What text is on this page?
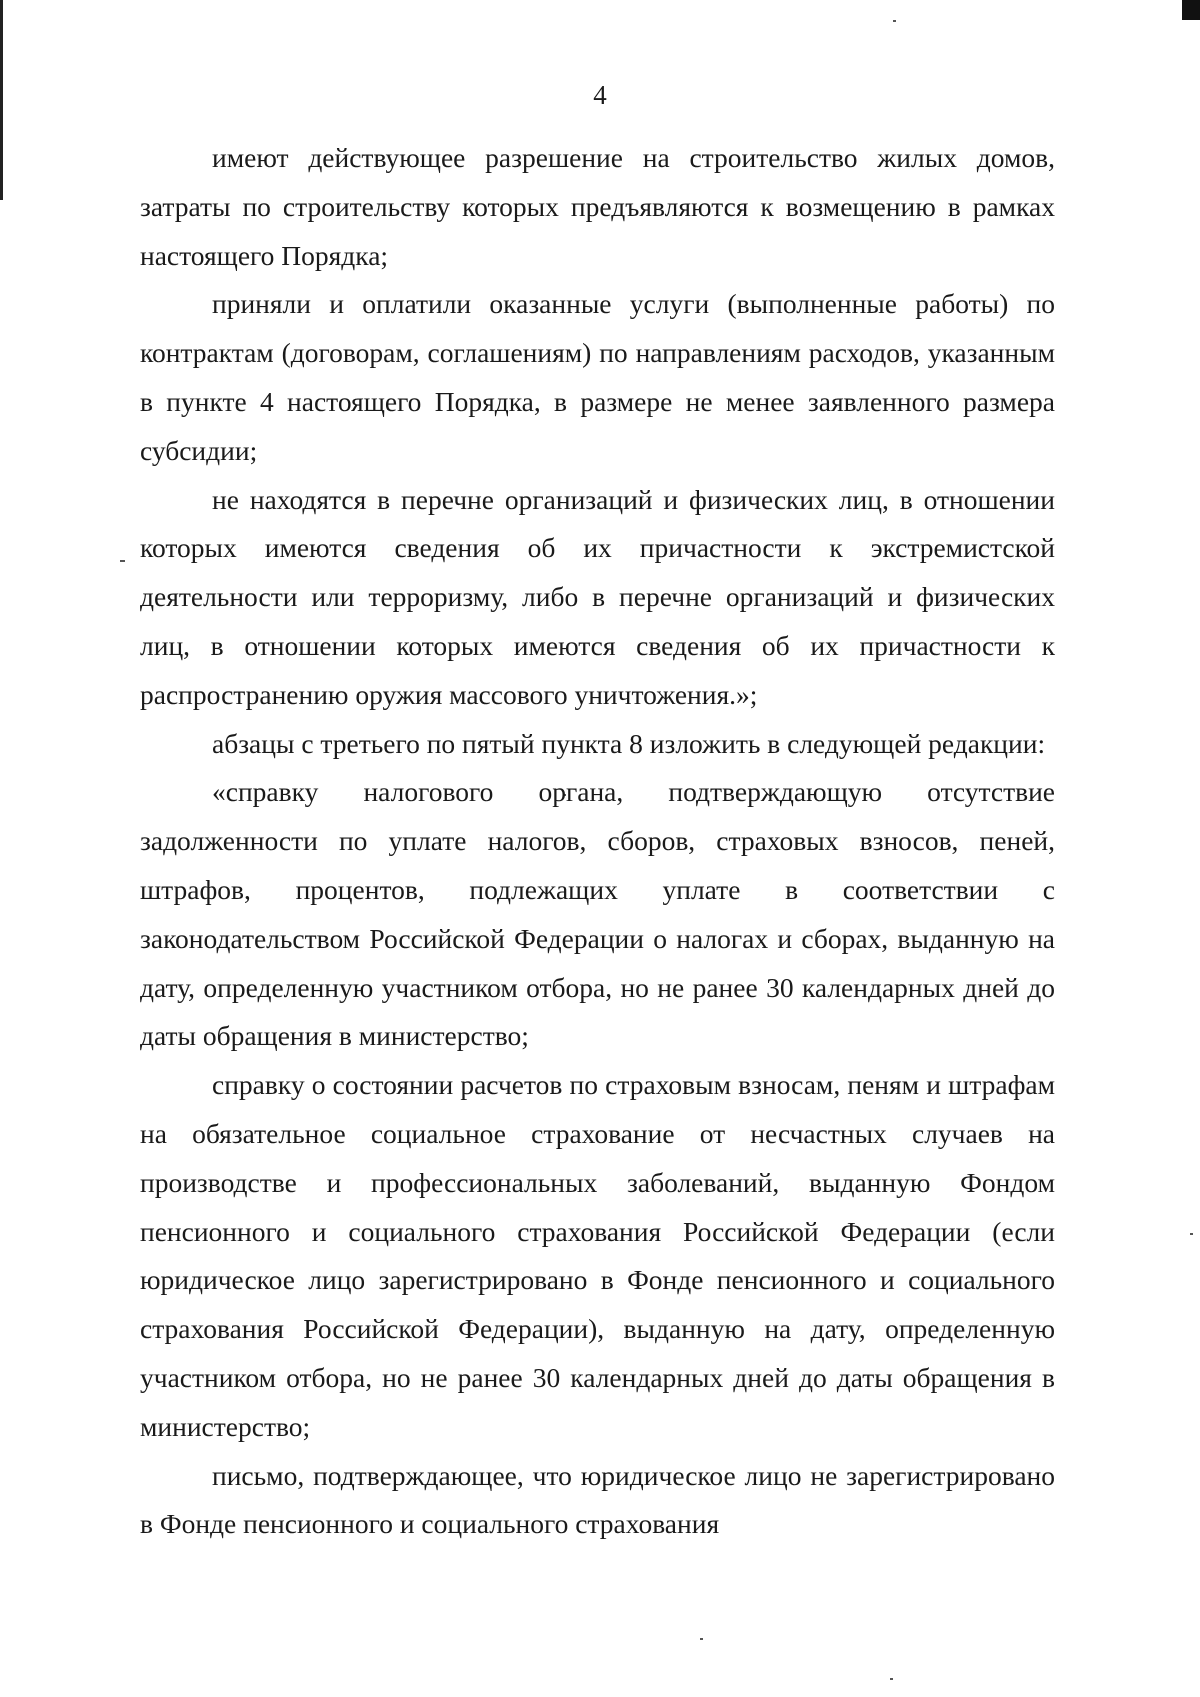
4

имеют действующее разрешение на строительство жилых домов, затраты по строительству которых предъявляются к возмещению в рамках настоящего Порядка;

приняли и оплатили оказанные услуги (выполненные работы) по контрактам (договорам, соглашениям) по направлениям расходов, указанным в пункте 4 настоящего Порядка, в размере не менее заявленного размера субсидии;

не находятся в перечне организаций и физических лиц, в отношении которых имеются сведения об их причастности к экстремистской деятельности или терроризму, либо в перечне организаций и физических лиц, в отношении которых имеются сведения об их причастности к распространению оружия массового уничтожения.»;

абзацы с третьего по пятый пункта 8 изложить в следующей редакции:

«справку налогового органа, подтверждающую отсутствие задолженности по уплате налогов, сборов, страховых взносов, пеней, штрафов, процентов, подлежащих уплате в соответствии с законодательством Российской Федерации о налогах и сборах, выданную на дату, определенную участником отбора, но не ранее 30 календарных дней до даты обращения в министерство;

справку о состоянии расчетов по страховым взносам, пеням и штрафам на обязательное социальное страхование от несчастных случаев на производстве и профессиональных заболеваний, выданную Фондом пенсионного и социального страхования Российской Федерации (если юридическое лицо зарегистрировано в Фонде пенсионного и социального страхования Российской Федерации), выданную на дату, определенную участником отбора, но не ранее 30 календарных дней до даты обращения в министерство;

письмо, подтверждающее, что юридическое лицо не зарегистрировано в Фонде пенсионного и социального страхования
